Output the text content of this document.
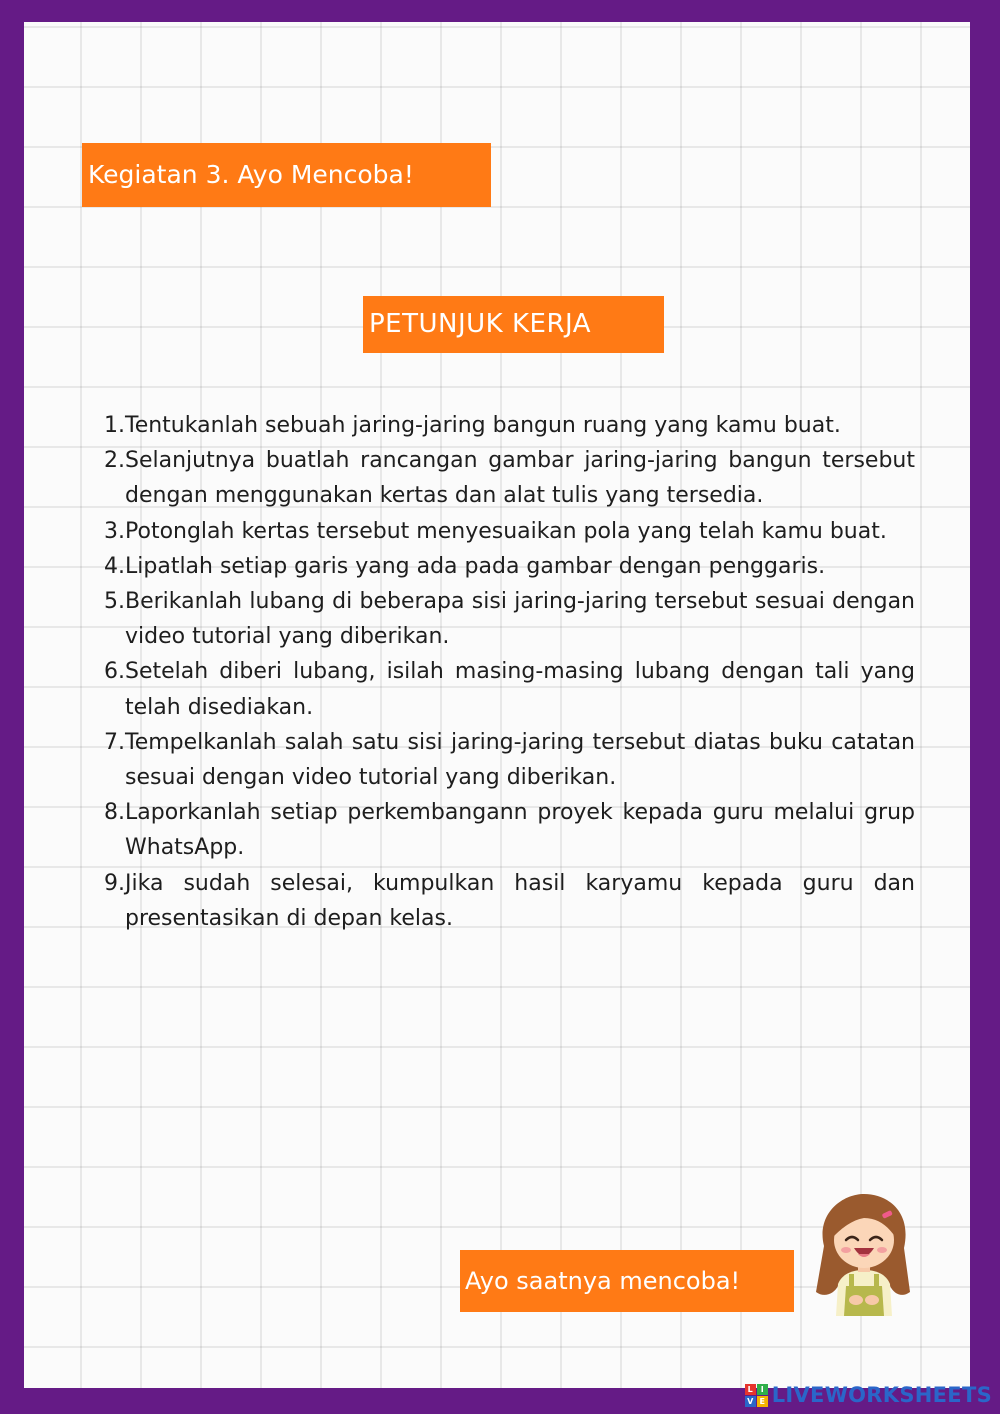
Kegiatan 3. Ayo Mencoba!
PETUNJUK KERJA
1. Tentukanlah sebuah jaring-jaring bangun ruang yang kamu buat.
2. Selanjutnya buatlah rancangan gambar jaring-jaring bangun tersebut dengan menggunakan kertas dan alat tulis yang tersedia.
3. Potonglah kertas tersebut menyesuaikan pola yang telah kamu buat.
4. Lipatlah setiap garis yang ada pada gambar dengan penggaris.
5. Berikanlah lubang di beberapa sisi jaring-jaring tersebut sesuai dengan video tutorial yang diberikan.
6. Setelah diberi lubang, isilah masing-masing lubang dengan tali yang telah disediakan.
7. Tempelkanlah salah satu sisi jaring-jaring tersebut diatas buku catatan sesuai dengan video tutorial yang diberikan.
8. Laporkanlah setiap perkembangann proyek kepada guru melalui grup WhatsApp.
9. Jika sudah selesai, kumpulkan hasil karyamu kepada guru dan presentasikan di depan kelas.
Ayo saatnya mencoba!
L I
V E LIVEWORKSHEETS
